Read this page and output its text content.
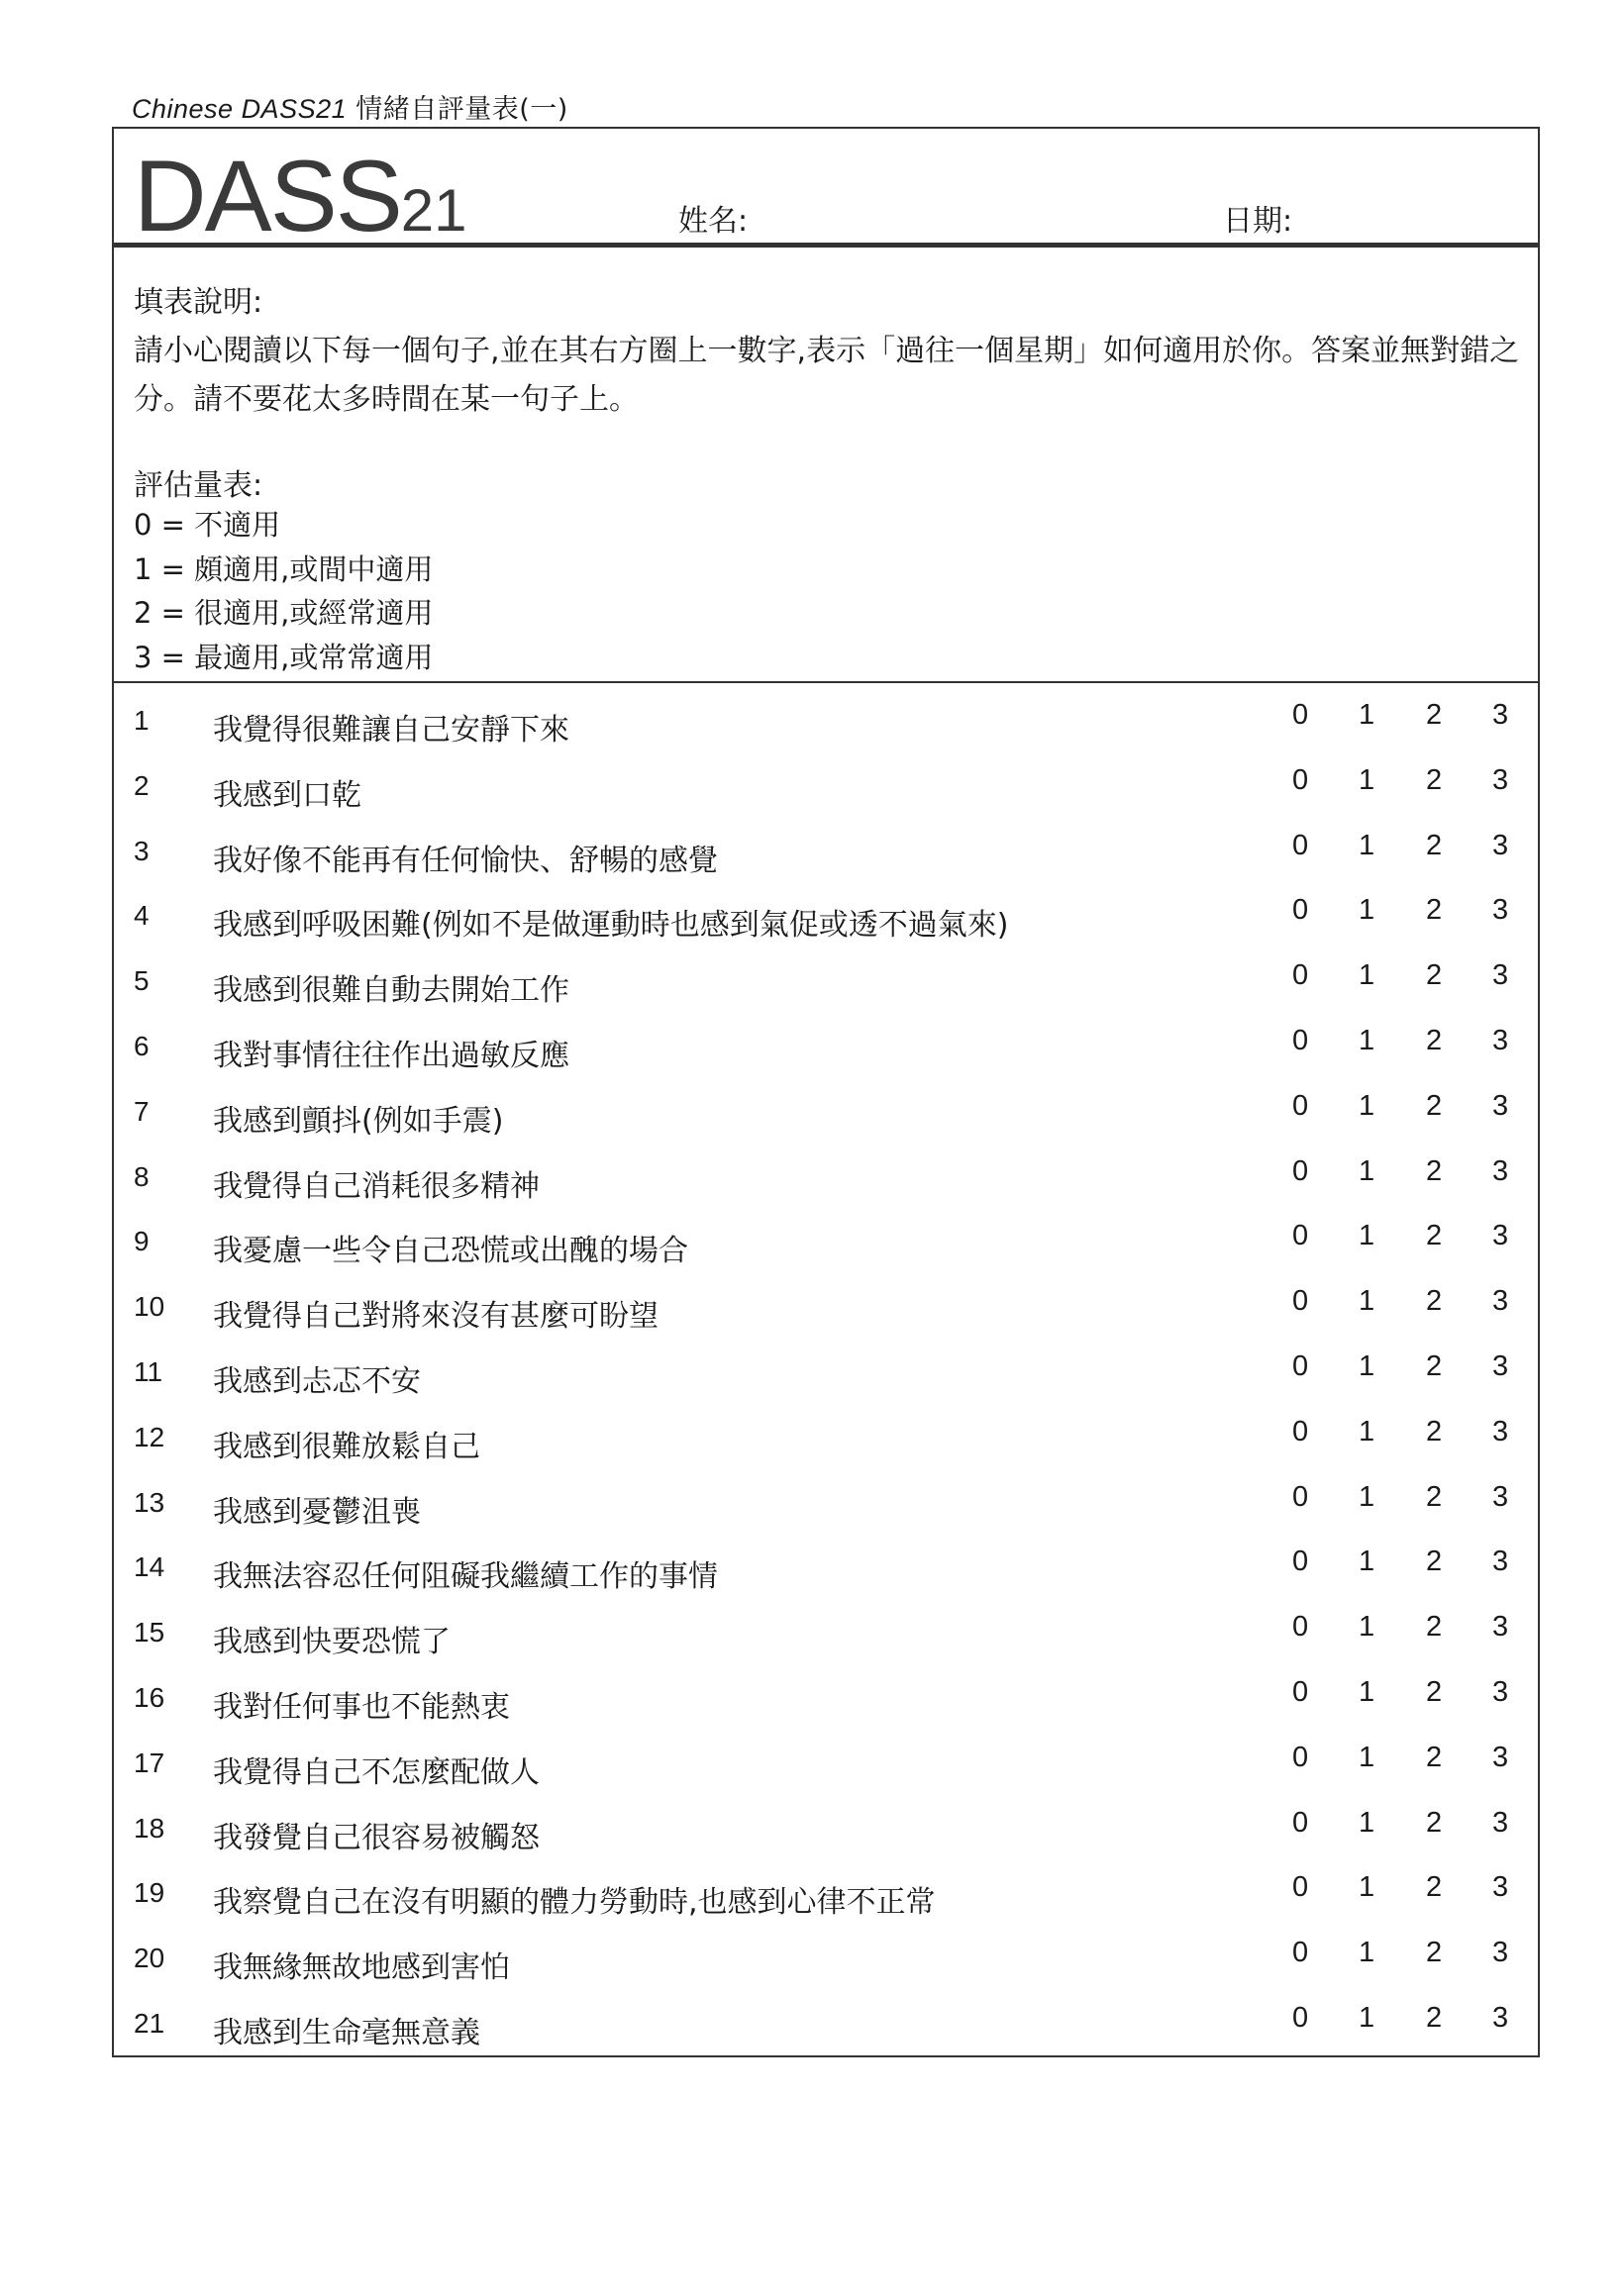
Chinese DASS21 情緒自評量表(一)
DASS21	姓名:	日期:
填表說明:

請小心閱讀以下每一個句子,並在其右方圈上一數字,表示「過往一個星期」如何適用於你。答案並無對錯之分。請不要花太多時間在某一句子上。

評估量表:
0 = 不適用
1 = 頗適用,或間中適用
2 = 很適用,或經常適用
3 = 最適用,或常常適用
1 我覺得很難讓自己安靜下來	0 1 2 3
2 我感到口乾	0 1 2 3
3 我好像不能再有任何愉快、舒暢的感覺	0 1 2 3
4 我感到呼吸困難(例如不是做運動時也感到氣促或透不過氣來)	0 1 2 3
5 我感到很難自動去開始工作	0 1 2 3
6 我對事情往往作出過敏反應	0 1 2 3
7 我感到顫抖(例如手震)	0 1 2 3
8 我覺得自己消耗很多精神	0 1 2 3
9 我憂慮一些令自己恐慌或出醜的場合	0 1 2 3
10 我覺得自己對將來沒有甚麼可盼望	0 1 2 3
11 我感到忐忑不安	0 1 2 3
12 我感到很難放鬆自己	0 1 2 3
13 我感到憂鬱沮喪	0 1 2 3
14 我無法容忍任何阻礙我繼續工作的事情	0 1 2 3
15 我感到快要恐慌了	0 1 2 3
16 我對任何事也不能熱衷	0 1 2 3
17 我覺得自己不怎麼配做人	0 1 2 3
18 我發覺自己很容易被觸怒	0 1 2 3
19 我察覺自己在沒有明顯的體力勞動時,也感到心律不正常	0 1 2 3
20 我無緣無故地感到害怕	0 1 2 3
21 我感到生命毫無意義	0 1 2 3
